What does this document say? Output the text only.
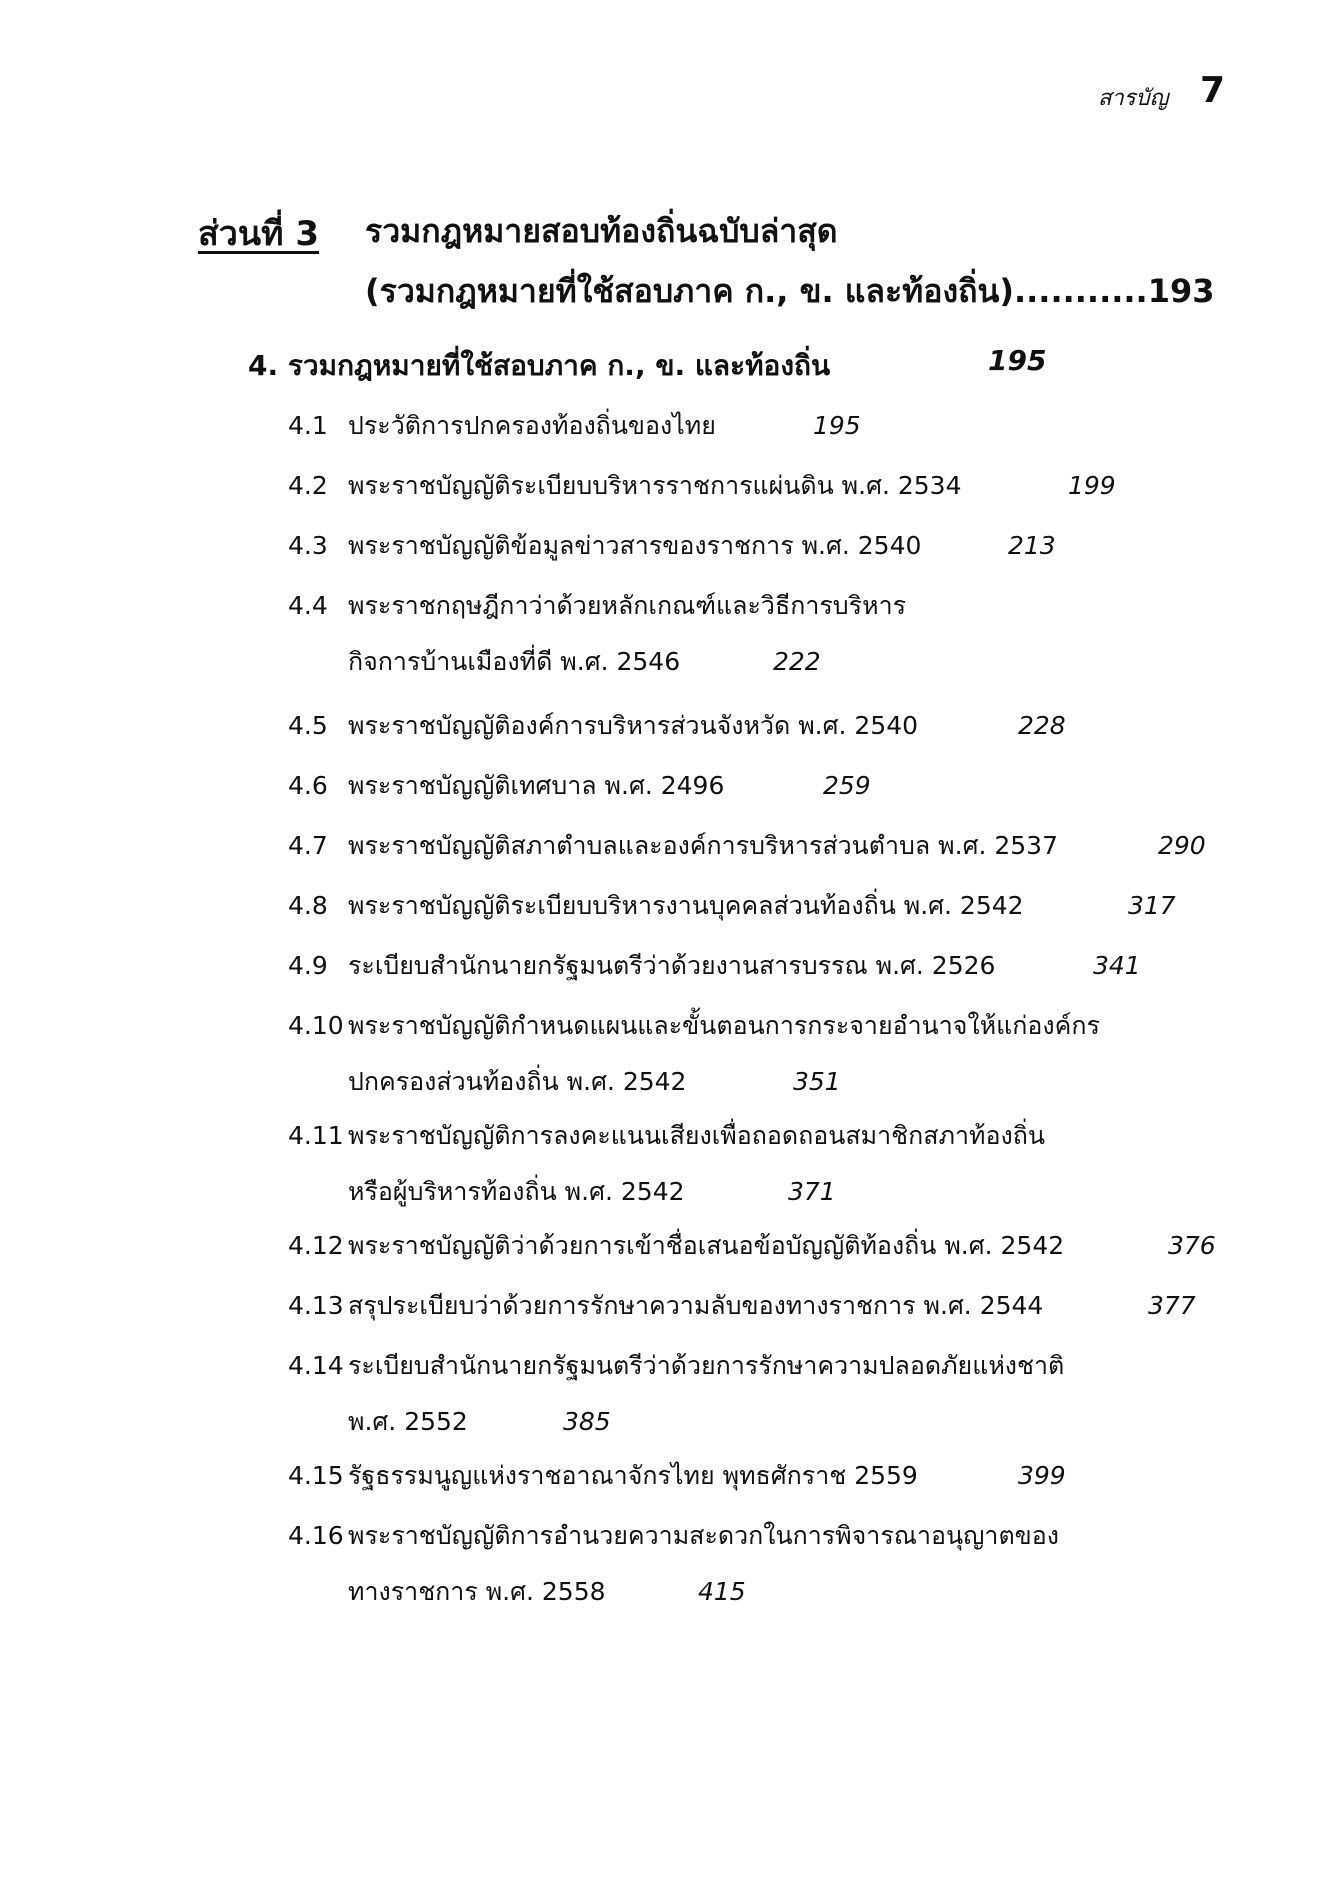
สารบัญ 7
ส่วนที่ 3 รวมกฎหมายสอบท้องถิ่นฉบับล่าสุด
(รวมกฎหมายที่ใช้สอบภาค ก., ข. และท้องถิ่น)...........193
4. รวมกฎหมายที่ใช้สอบภาค ก., ข. และท้องถิ่น	195
4.1 ประวัติการปกครองท้องถิ่นของไทย	195
4.2 พระราชบัญญัติระเบียบบริหารราชการแผ่นดิน พ.ศ. 2534	199
4.3 พระราชบัญญัติข้อมูลข่าวสารของราชการ พ.ศ. 2540	213
4.4 พระราชกฤษฎีกาว่าด้วยหลักเกณฑ์และวิธีการบริหาร
กิจการบ้านเมืองที่ดี พ.ศ. 2546	222
4.5 พระราชบัญญัติองค์การบริหารส่วนจังหวัด พ.ศ. 2540	228
4.6 พระราชบัญญัติเทศบาล พ.ศ. 2496	259
4.7 พระราชบัญญัติสภาตำบลและองค์การบริหารส่วนตำบล พ.ศ. 2537	290
4.8 พระราชบัญญัติระเบียบบริหารงานบุคคลส่วนท้องถิ่น พ.ศ. 2542	317
4.9 ระเบียบสำนักนายกรัฐมนตรีว่าด้วยงานสารบรรณ พ.ศ. 2526	341
4.10 พระราชบัญญัติกำหนดแผนและขั้นตอนการกระจายอำนาจให้แก่องค์กร
ปกครองส่วนท้องถิ่น พ.ศ. 2542	351
4.11 พระราชบัญญัติการลงคะแนนเสียงเพื่อถอดถอนสมาชิกสภาท้องถิ่น
หรือผู้บริหารท้องถิ่น พ.ศ. 2542	371
4.12 พระราชบัญญัติว่าด้วยการเข้าชื่อเสนอข้อบัญญัติท้องถิ่น พ.ศ. 2542	376
4.13 สรุประเบียบว่าด้วยการรักษาความลับของทางราชการ พ.ศ. 2544	377
4.14 ระเบียบสำนักนายกรัฐมนตรีว่าด้วยการรักษาความปลอดภัยแห่งชาติ
พ.ศ. 2552	385
4.15 รัฐธรรมนูญแห่งราชอาณาจักรไทย พุทธศักราช 2559	399
4.16 พระราชบัญญัติการอำนวยความสะดวกในการพิจารณาอนุญาตของ
ทางราชการ พ.ศ. 2558	415
